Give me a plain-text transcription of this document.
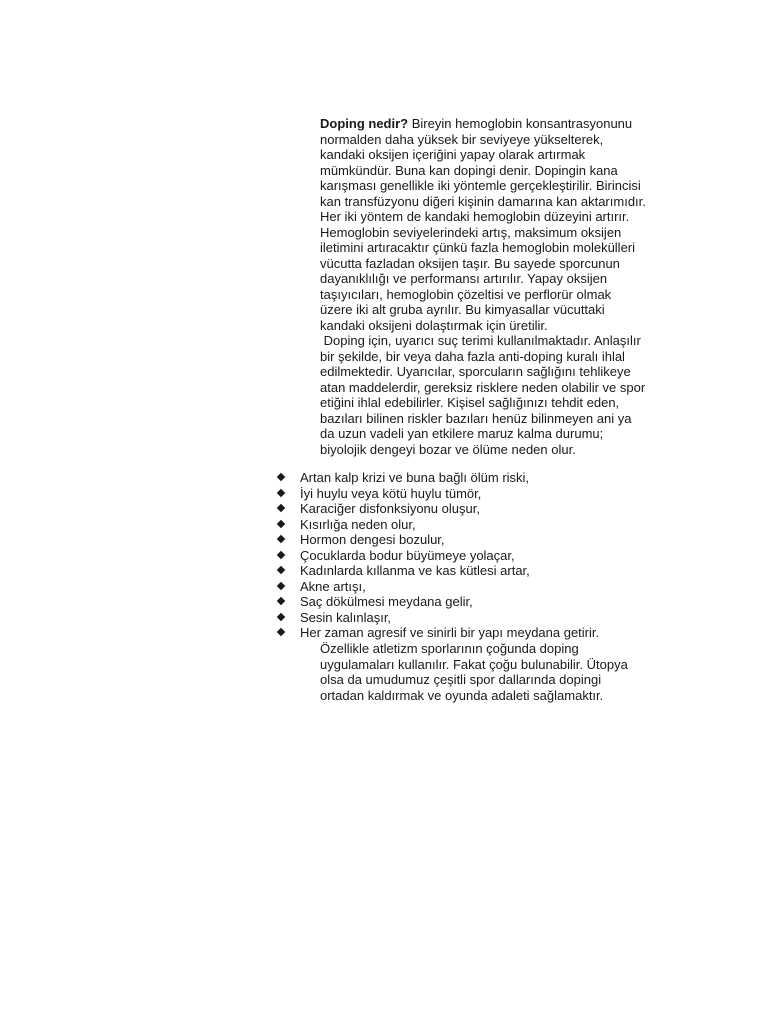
Doping nedir? Bireyin hemoglobin konsantrasyonunu
normalden daha yüksek bir seviyeye yükselterek,
kandaki oksijen içeriğini yapay olarak artırmak
mümkündür. Buna kan dopingi denir. Dopingin kana
karışması genellikle iki yöntemle gerçekleştirilir. Birincisi
kan transfüzyonu diğeri kişinin damarına kan aktarımıdır.
Her iki yöntem de kandaki hemoglobin düzeyini artırır.
Hemoglobin seviyelerindeki artış, maksimum oksijen
iletimini artıracaktır çünkü fazla hemoglobin molekülleri
vücutta fazladan oksijen taşır. Bu sayede sporcunun
dayanıklılığı ve performansı artırılır. Yapay oksijen
taşıyıcıları, hemoglobin çözeltisi ve perflorür olmak
üzere iki alt gruba ayrılır. Bu kimyasallar vücuttaki
kandaki oksijeni dolaştırmak için üretilir.
Doping için, uyarıcı suç terimi kullanılmaktadır. Anlaşılır
bir şekilde, bir veya daha fazla anti-doping kuralı ihlal
edilmektedir. Uyarıcılar, sporcuların sağlığını tehlikeye
atan maddelerdir, gereksiz risklere neden olabilir ve spor
etiğini ihlal edebilirler. Kişisel sağlığınızı tehdit eden,
bazıları bilinen riskler bazıları henüz bilinmeyen ani ya
da uzun vadeli yan etkilere maruz kalma durumu;
biyolojik dengeyi bozar ve ölüme neden olur.
Artan kalp krizi ve buna bağlı ölüm riski,
İyi huylu veya kötü huylu tümör,
Karaciğer disfonksiyonu oluşur,
Kısırlığa neden olur,
Hormon dengesi bozulur,
Çocuklarda bodur büyümeye yolaçar,
Kadınlarda kıllanma ve kas kütlesi artar,
Akne artışı,
Saç dökülmesi meydana gelir,
Sesin kalınlaşır,
Her zaman agresif ve sinirli bir yapı meydana getirir.
Özellikle atletizm sporlarının çoğunda doping
uygulamaları kullanılır. Fakat çoğu bulunabilir. Ütopya
olsa da umudumuz çeşitli spor dallarında dopingi
ortadan kaldırmak ve oyunda adaleti sağlamaktır.
